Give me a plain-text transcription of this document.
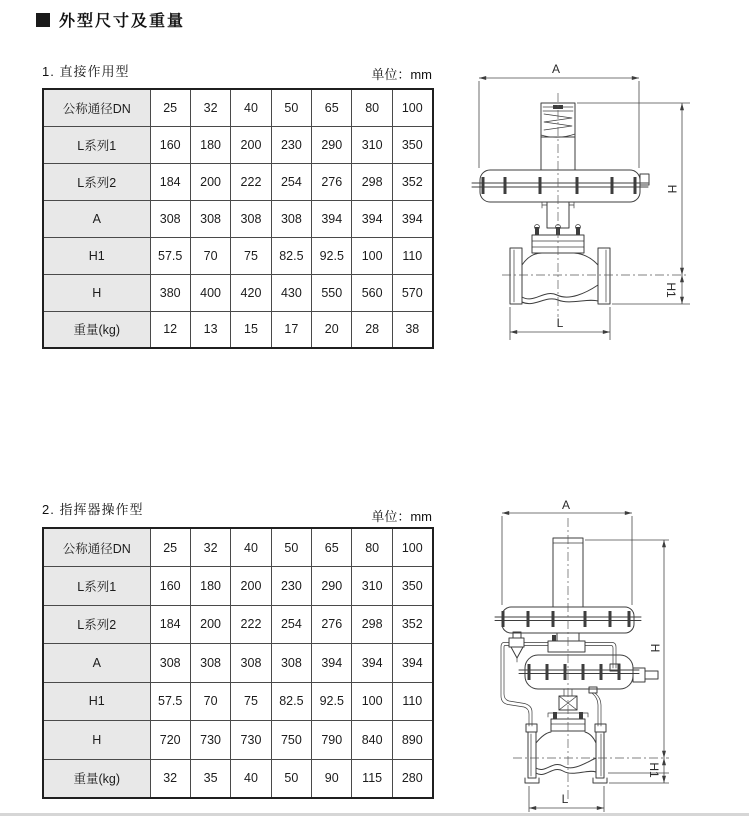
外型尺寸及重量
1. 直接作用型	单位：mm
公称通径DN	25	32	40	50	65	80	100
L系列1	160	180	200	230	290	310	350
L系列2	184	200	222	254	276	298	352
A	308	308	308	308	394	394	394
H1	57.5	70	75	82.5	92.5	100	110
H	380	400	420	430	550	560	570
重量(kg)	12	13	15	17	20	28	38
A
H
H1
L
2. 指挥器操作型	单位：mm
公称通径DN	25	32	40	50	65	80	100
L系列1	160	180	200	230	290	310	350
L系列2	184	200	222	254	276	298	352
A	308	308	308	308	394	394	394
H1	57.5	70	75	82.5	92.5	100	110
H	720	730	730	750	790	840	890
重量(kg)	32	35	40	50	90	115	280
A
H
H1
L
